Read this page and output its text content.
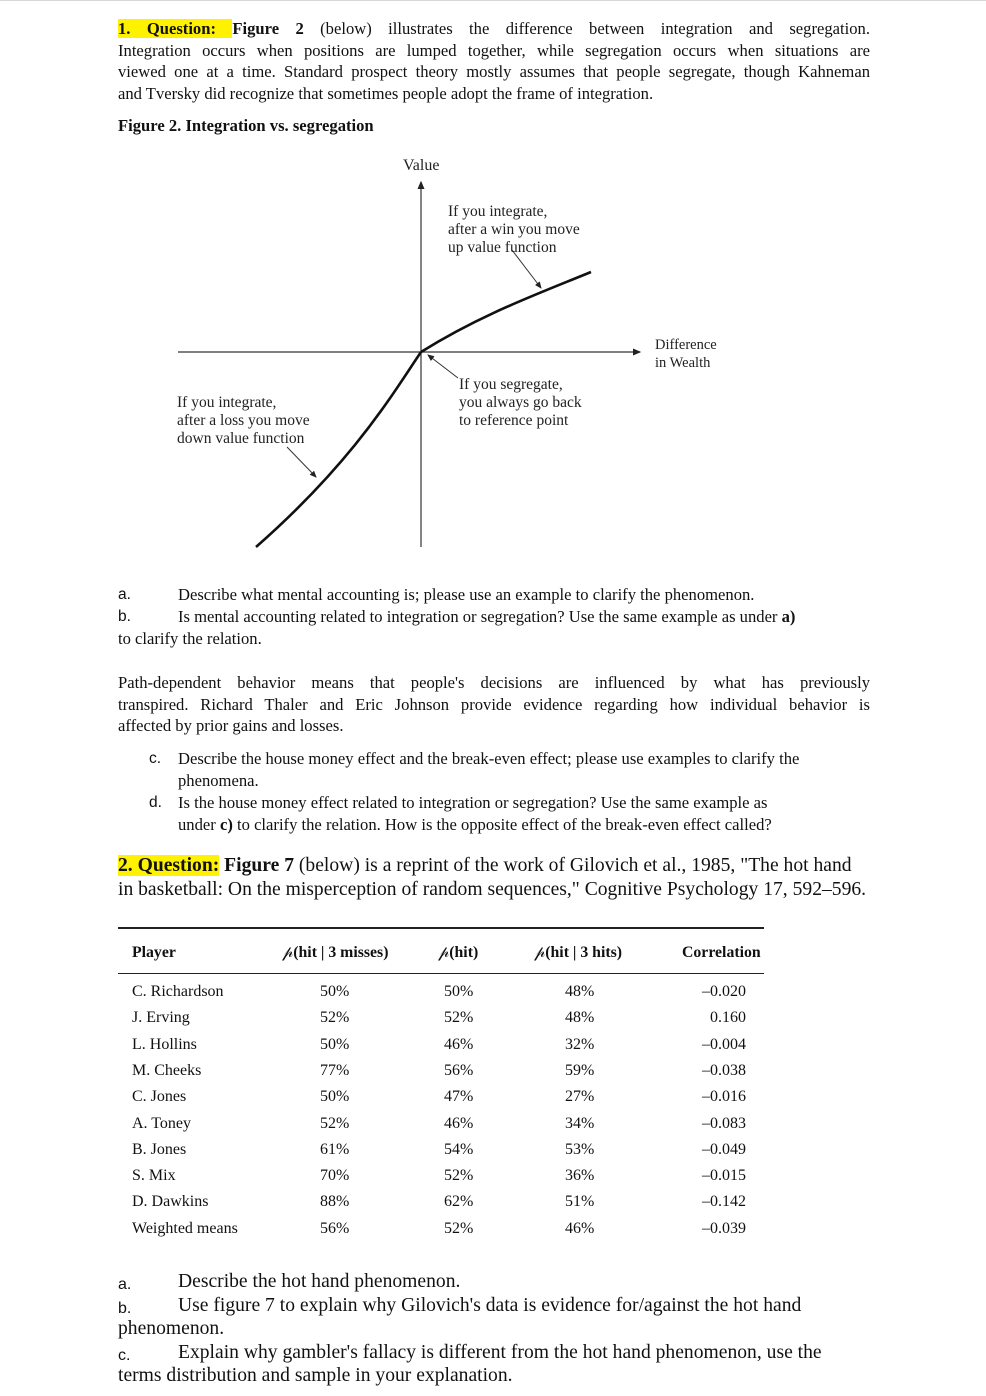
1. Question: Figure 2 (below) illustrates the difference between integration and segregation.
Integration occurs when positions are lumped together, while segregation occurs when situations are
viewed one at a time. Standard prospect theory mostly assumes that people segregate, though Kahneman
and Tversky did recognize that sometimes people adopt the frame of integration.
Figure 2. Integration vs. segregation
Value
If you integrate,
after a win you move
up value function
Difference
in Wealth
If you segregate,
you always go back
to reference point
If you integrate,
after a loss you move
down value function
a.	Describe what mental accounting is; please use an example to clarify the phenomenon.
b.	Is mental accounting related to integration or segregation? Use the same example as under a)
to clarify the relation.
Path-dependent behavior means that people's decisions are influenced by what has previously
transpired. Richard Thaler and Eric Johnson provide evidence regarding how individual behavior is
affected by prior gains and losses.
c. Describe the house money effect and the break-even effect; please use examples to clarify the
phenomena.
d. Is the house money effect related to integration or segregation? Use the same example as
under c) to clarify the relation. How is the opposite effect of the break-even effect called?
2. Question: Figure 7 (below) is a reprint of the work of Gilovich et al., 1985, "The hot hand
in basketball: On the misperception of random sequences," Cognitive Psychology 17, 592–596.
Player	𝓅(hit | 3 misses)	𝓅(hit)	𝓅(hit | 3 hits)	Correlation
C. Richardson	50%	50%	48%	–0.020
J. Erving	52%	52%	48%	0.160
L. Hollins	50%	46%	32%	–0.004
M. Cheeks	77%	56%	59%	–0.038
C. Jones	50%	47%	27%	–0.016
A. Toney	52%	46%	34%	–0.083
B. Jones	61%	54%	53%	–0.049
S. Mix	70%	52%	36%	–0.015
D. Dawkins	88%	62%	51%	–0.142
Weighted means	56%	52%	46%	–0.039
a. Describe the hot hand phenomenon.
b. Use figure 7 to explain why Gilovich's data is evidence for/against the hot hand
phenomenon.
c. Explain why gambler's fallacy is different from the hot hand phenomenon, use the
terms distribution and sample in your explanation.
